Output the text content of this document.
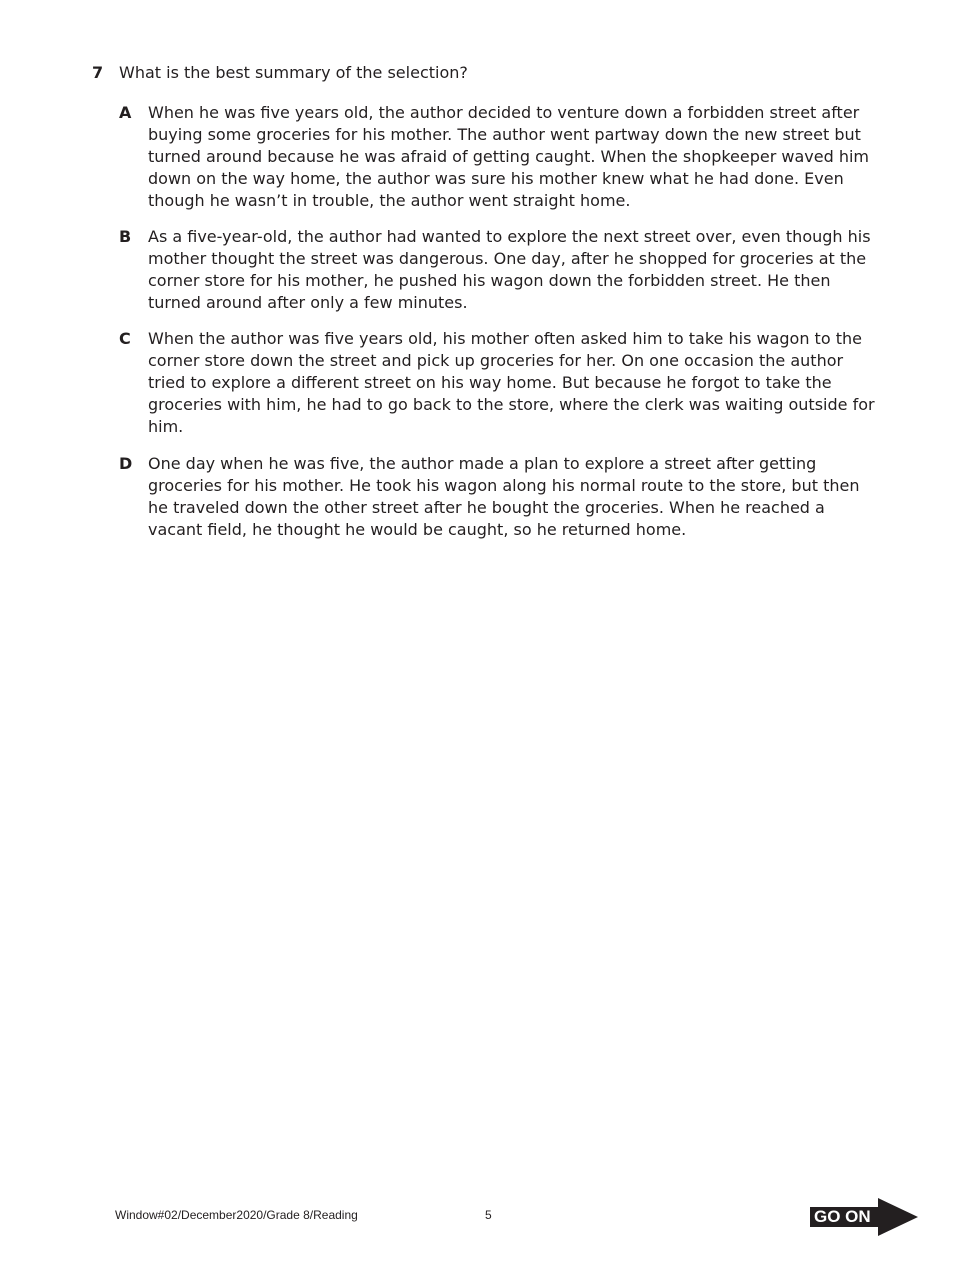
7 What is the best summary of the selection?
A When he was five years old, the author decided to venture down a forbidden street after buying some groceries for his mother. The author went partway down the new street but turned around because he was afraid of getting caught. When the shopkeeper waved him down on the way home, the author was sure his mother knew what he had done. Even though he wasn’t in trouble, the author went straight home.
B As a five-year-old, the author had wanted to explore the next street over, even though his mother thought the street was dangerous. One day, after he shopped for groceries at the corner store for his mother, he pushed his wagon down the forbidden street. He then turned around after only a few minutes.
C When the author was five years old, his mother often asked him to take his wagon to the corner store down the street and pick up groceries for her. On one occasion the author tried to explore a different street on his way home. But because he forgot to take the groceries with him, he had to go back to the store, where the clerk was waiting outside for him.
D One day when he was five, the author made a plan to explore a street after getting groceries for his mother. He took his wagon along his normal route to the store, but then he traveled down the other street after he bought the groceries. When he reached a vacant field, he thought he would be caught, so he returned home.
Window#02/December2020/Grade 8/Reading	5	GO ON
